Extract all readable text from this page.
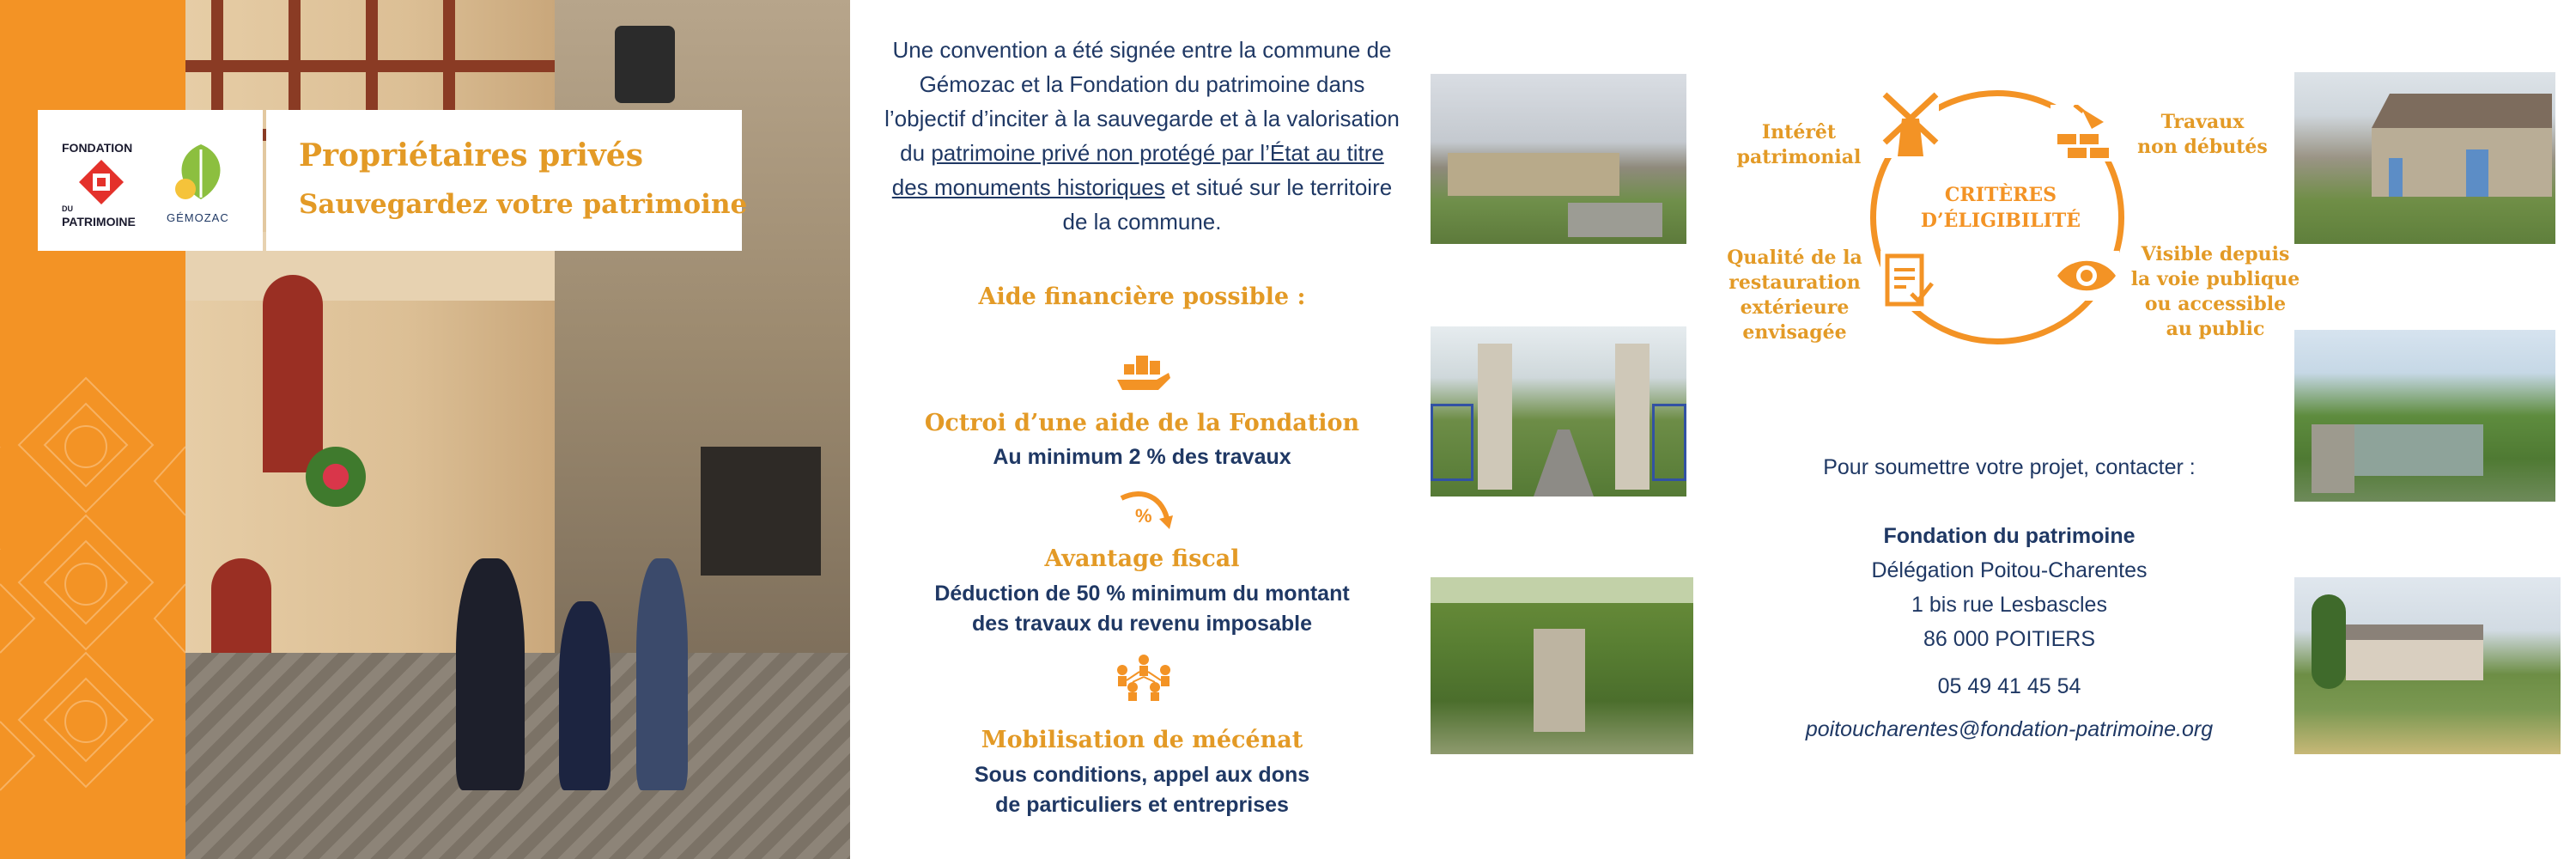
FONDATION
DU
PATRIMOINE	GÉMOZAC
Propriétaires privés
Sauvegardez votre patrimoine
Une convention a été signée entre la commune de Gémozac et la Fondation du patrimoine dans l’objectif d’inciter à la sauvegarde et à la valorisation du patrimoine privé non protégé par l’État au titre des monuments historiques et situé sur le territoire de la commune.
Aide financière possible :
Octroi d’une aide de la Fondation
Au minimum 2 % des travaux
%
Avantage fiscal
Déduction de 50 % minimum du montant
des travaux du revenu imposable
Mobilisation de mécénat
Sous conditions, appel aux dons
de particuliers et entreprises
CRITÈRES
D’ÉLIGIBILITÉ
Intérêt
patrimonial
Travaux
non débutés
Qualité de la
restauration
extérieure
envisagée
Visible depuis
la voie publique
ou accessible
au public
Pour soumettre votre projet, contacter :
Fondation du patrimoine
Délégation Poitou-Charentes
1 bis rue Lesbascles
86 000 POITIERS
05 49 41 45 54
poitoucharentes@fondation-patrimoine.org
